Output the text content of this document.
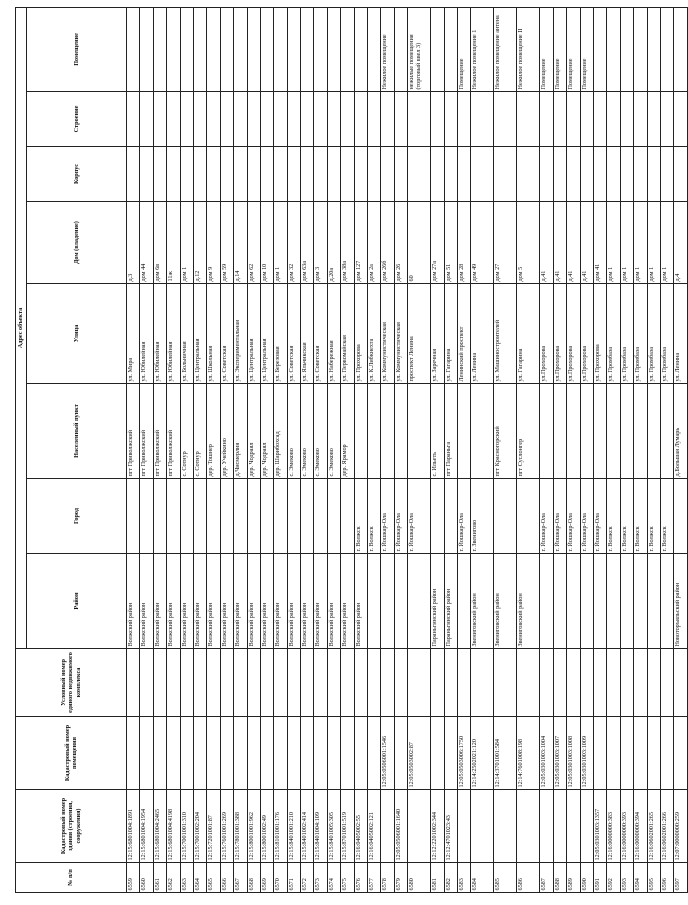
№ п/п	Кадастровый номер здания (строения, сооружения)	Кадастровый номер помещения	Условный номер единого недвижимого комплекса	Адрес объекта							
				Район	Город	Населенный пункт	Улица	Дом (владение)	Корпус	Строение	Помещение
6559	12:15:6801004:1891			Волжский район		пгт Приволжский	ул. Мира	д.3			
6560	12:15:6801004:1954			Волжский район		пгт Приволжский	ул. Юбилейная	дом 44			
6561	12:15:6801004:2465			Волжский район		пгт Приволжский	ул. Юбилейная	дом 6в			
6562	12:15:6801004:4198			Волжский район		пгт Приволжский	ул. Юбилейная	11ж			
6563	12:15:7001001:310			Волжский район		с. Сотнур	ул. Больничная	дом 1			
6564	12:15:7001002:204			Волжский район		с. Сотнур	ул. Центральная	д.12			
6565	12:15:7201001:87			Волжский район		дер. Тошнер	ул. Школьная	дом 9			
6566	12:15:7601001:269			Волжский район		дер. Учейкино	ул. Советская	дом 59			
6567	12:15:7801001:388			Волжский район		д.Чисмерлия	ул. Экспериментальная	д.14			
6568	12:15:8001001:962			Волжский район		дер. Чодраял	ул. Центральная	дом 62			
6569	12:15:8001002:49			Волжский район		дер. Чодраял	ул. Центральная	дом 10			
6570	12:15:8101001:176			Волжский район		дер. Шарибохсад	ул. Березовая	дом 1			
6571	12:15:8401001:210			Волжский район		с. Эмеково	ул. Советская	дом 32			
6572	12:15:8401002:414			Волжский район		с. Эмеково	ул. Яльчикская	дом 63а			
6573	12:15:8401004:109			Волжский район		с. Эмеково	ул. Советская	дом 3			
6574	12:15:8401005:305			Волжский район		с. Эмеково	ул. Набережная	д.20а			
6575	12:15:8701001:519			Волжский район		дер. Ярамор	ул. Первомайская	дом 38а			
6576	12:16:0405002:55			Волжский район	г. Волжск		ул. Прохорова	дом 127			
6577	12:16:0405002:121				г. Волжск		ул. К.Либкнехта	дом 2а			
6578		12:05:0506001:1546			г. Йошкар-Ола		ул. Коммунистическая	дом 26б			Нежилое помещение
6579	12:05:0506001:1640				г. Йошкар-Ола		ул. Коммунистическая	дом 26			
6580		12:05:0503002:87			г. Йошкар-Ола		проспект Ленина	60			нежилые помещения (торговый ввел 3)
6581	12:12:2201002:344			Параньгинский район		с. Ильеть	ул. Заречная	дом 27а			
6582	12:12:4701023:43			Параньгинский район		пгт Параньга	ул. Гагарина	дом 51			
6583		12:05:0503006:1750			г. Йошкар-Ола		Ленинский проспект	дом 28			Помещение
6584		12:14:2502021:120		Звениговский район	г. Звенигово		ул. Ленина	дом 49			Нежилое помещение 1
6585		12:14:3701001:584		Звениговский район		пгт Красногорский	ул. Машиностроителей	дом 27			Нежилое помещение антена
6586		12:14:7601008:198		Звениговский район		пгт Суслонгер	ул. Гагарина	дом 5			Нежилое помещение II
6587		12:05:0301003:1004			г. Йошкар-Ола		ул.Прохорова	д.41			Помещение
6588		12:05:0301003:1007			г. Йошкар-Ола		ул.Прохорова	д.41			Помещение
6589		12:05:0301003:1008			г. Йошкар-Ола		ул.Прохорова	д.41			Помещение
6590		12:05:0301003:1009			г. Йошкар-Ола		ул.Прохорова	д.41			Помещение
6591	12:05:0301003:1357				г. Йошкар-Ола		ул. Прохорова	дом 41			
6592	12:16:0000000:383				г. Волжск		ул. Промбаза	дом 1			
6593	12:16:0000000:393				г. Волжск		ул. Промбаза	дом 1			
6594	12:16:0000000:394				г. Волжск		ул. Промбаза	дом 1			
6595	12:16:0602001:265				г. Волжск		ул. Промбаза	дом 1			
6596	12:16:0602001:266				г. Волжск		ул. Промбаза	дом 1			
6597	12:07:0000000:259			Новоторъяльский район		д.Большая Лумарь	ул. Ленина	д.4			
